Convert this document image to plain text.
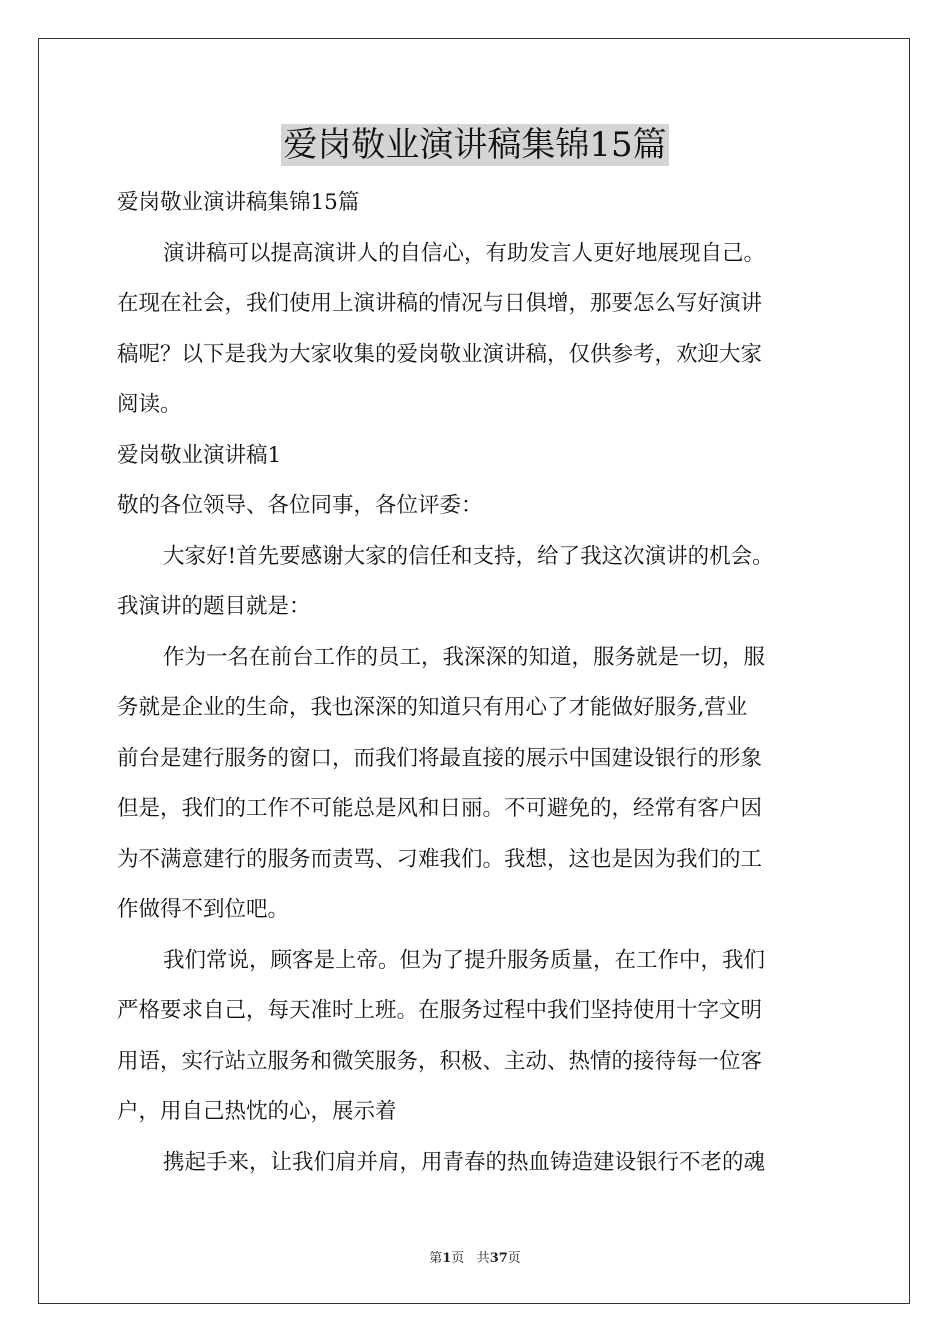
爱岗敬业演讲稿集锦15篇
爱岗敬业演讲稿集锦15篇
演讲稿可以提高演讲人的自信心，有助发言人更好地展现自己。
在现在社会，我们使用上演讲稿的情况与日俱增，那要怎么写好演讲
稿呢？以下是我为大家收集的爱岗敬业演讲稿，仅供参考，欢迎大家
阅读。
爱岗敬业演讲稿1
敬的各位领导、各位同事，各位评委：
大家好!首先要感谢大家的信任和支持，给了我这次演讲的机会。
我演讲的题目就是：
作为一名在前台工作的员工，我深深的知道，服务就是一切，服
务就是企业的生命，我也深深的知道只有用心了才能做好服务,营业
前台是建行服务的窗口，而我们将最直接的展示中国建设银行的形象
但是，我们的工作不可能总是风和日丽。不可避免的，经常有客户因
为不满意建行的服务而责骂、刁难我们。我想，这也是因为我们的工
作做得不到位吧。
我们常说，顾客是上帝。但为了提升服务质量，在工作中，我们
严格要求自己，每天准时上班。在服务过程中我们坚持使用十字文明
用语，实行站立服务和微笑服务，积极、主动、热情的接待每一位客
户，用自己热忱的心，展示着
携起手来，让我们肩并肩，用青春的热血铸造建设银行不老的魂
第1页 共37页
